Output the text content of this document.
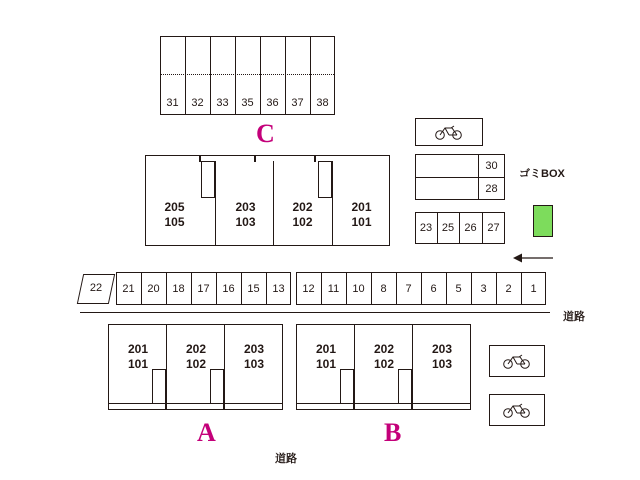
31	32	33	35	36	37	38
C
205
105
203
103
202
102
201
101
30
28
23 25 26 27
ゴミBOX
道路
22	21	20	18	17	16	15	13	12	11	10	8	7	6	5	3	2	1
201
101
202
102
203
103
201
101
202
102
203
103
A	B
道路
